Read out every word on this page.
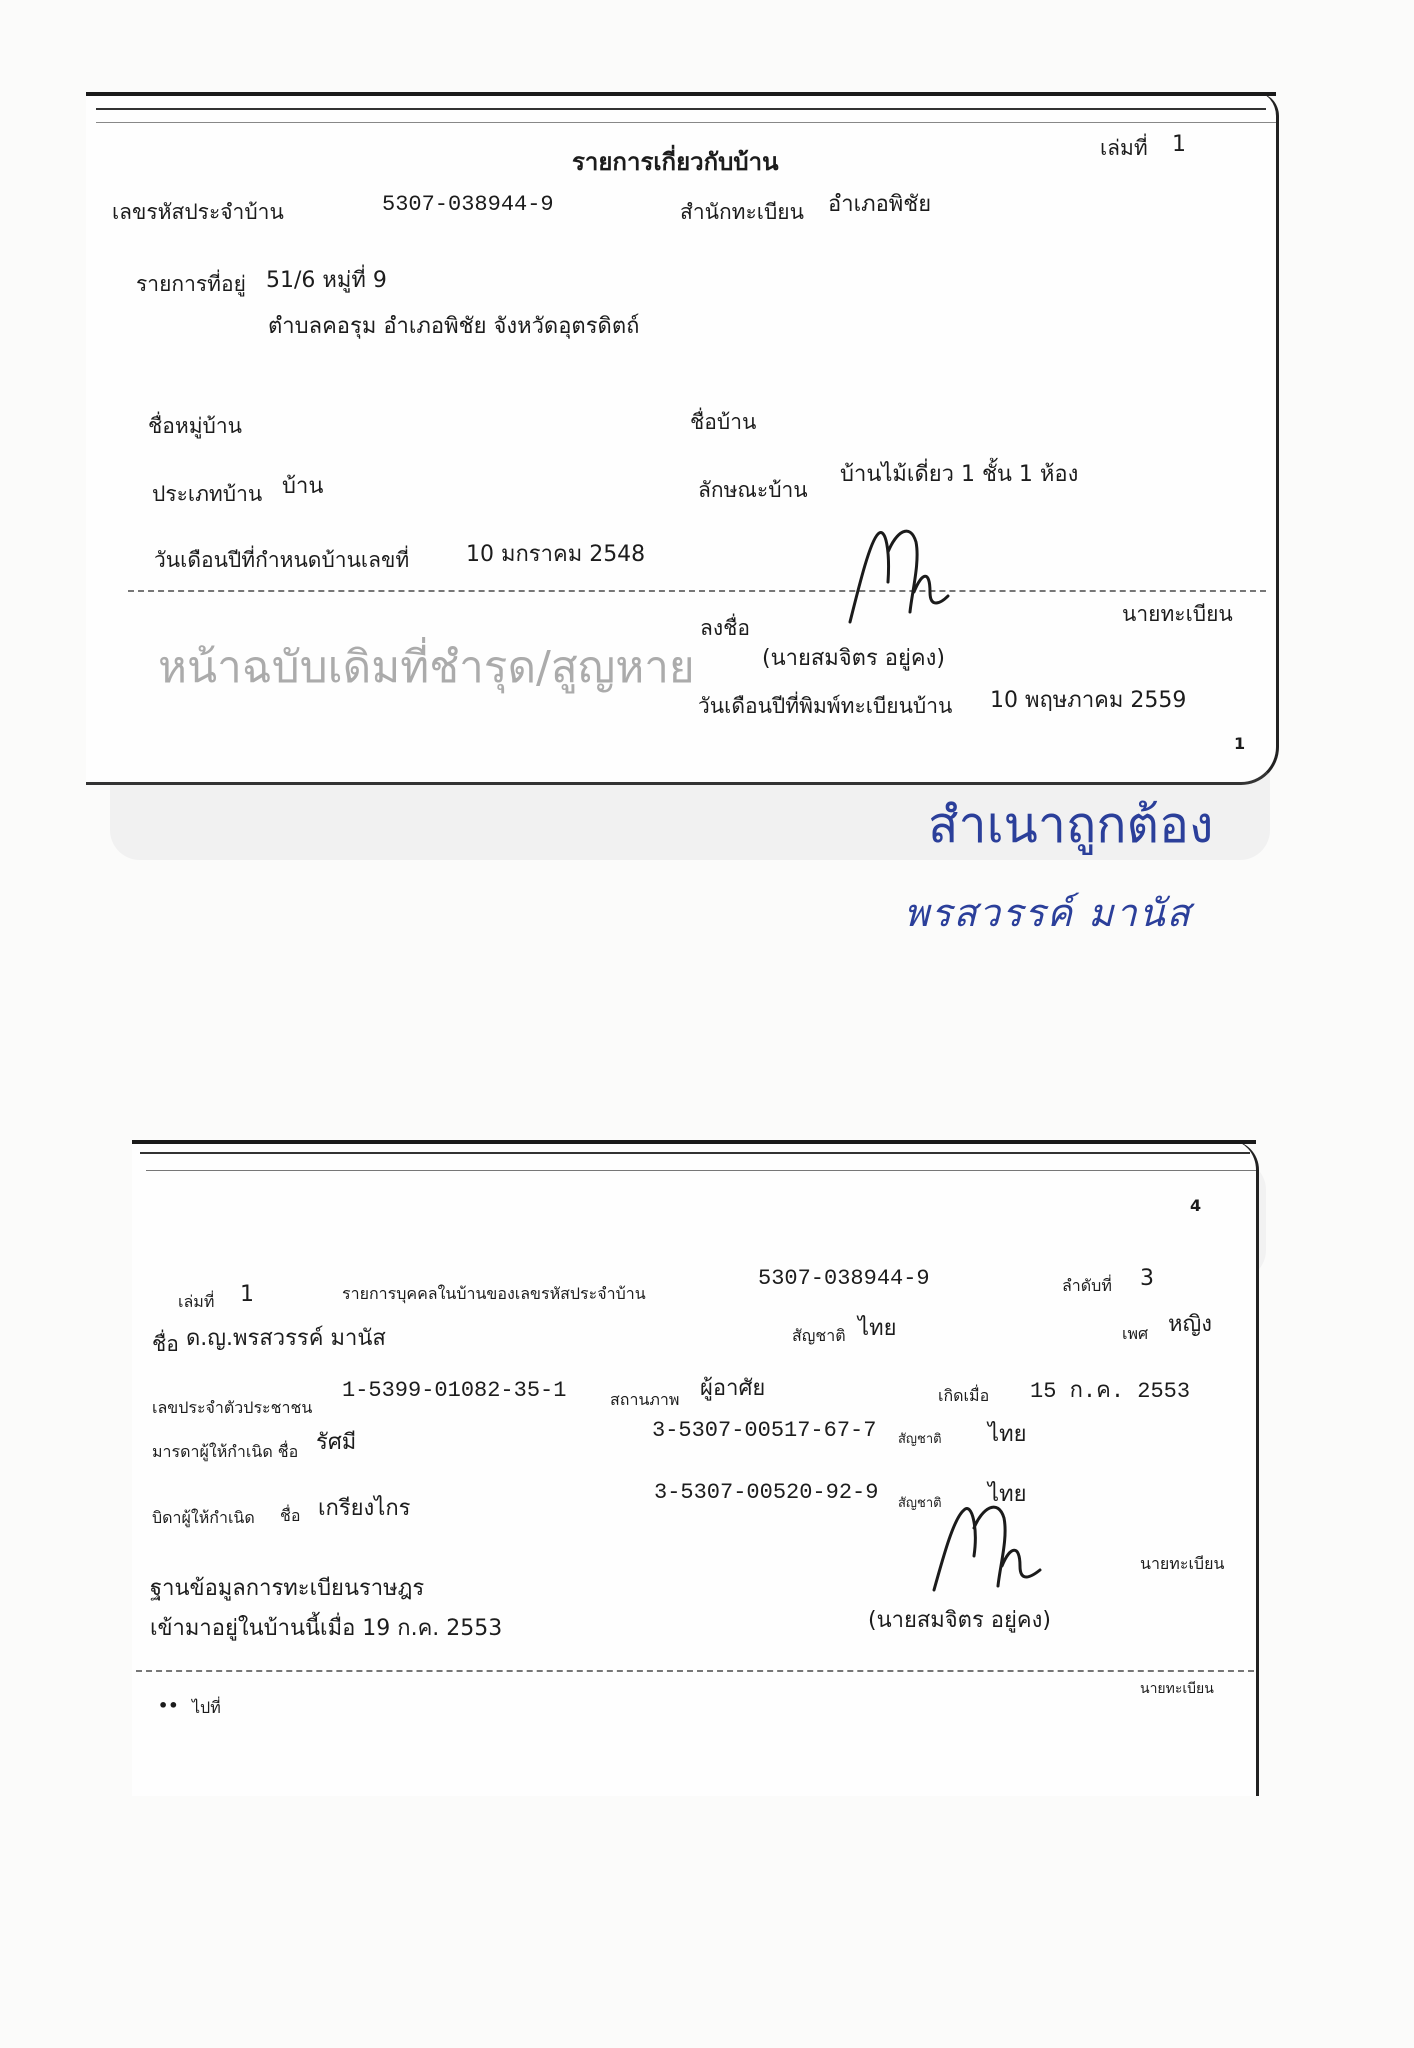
รายการเกี่ยวกับบ้าน	เล่มที่ 1
เลขรหัสประจำบ้าน	5307-038944-9	สำนักทะเบียน อำเภอพิชัย
รายการที่อยู่ 51/6 หมู่ที่ 9
ตำบลคอรุม อำเภอพิชัย จังหวัดอุตรดิตถ์
ชื่อหมู่บ้าน	ชื่อบ้าน
ประเภทบ้าน บ้าน	ลักษณะบ้าน
บ้านไม้เดี่ยว 1 ชั้น 1 ห้อง
วันเดือนปีที่กำหนดบ้านเลขที่	10 มกราคม 2548
ลงชื่อ
นายทะเบียน
หน้าฉบับเดิมที่ชำรุด/สูญหาย	(นายสมจิตร อยู่คง)
วันเดือนปีที่พิมพ์ทะเบียนบ้าน 10 พฤษภาคม 2559
1
สำเนาถูกต้อง
พรสวรรค์ มานัส
4
เล่มที่ 1	รายการบุคคลในบ้านของเลขรหัสประจำบ้าน
5307-038944-9	ลำดับที่ 3
ชื่อ ด.ญ.พรสวรรค์ มานัส	สัญชาติ ไทย	เพศ หญิง
เลขประจำตัวประชาชน
1-5399-01082-35-1	สถานภาพ ผู้อาศัย	เกิดเมื่อ 15 ก.ค. 2553
มารดาผู้ให้กำเนิด ชื่อ รัศมี	3-5307-00517-67-7 สัญชาติ ไทย
บิดาผู้ให้กำเนิด ชื่อ เกรียงไกร
3-5307-00520-92-9 สัญชาติ ไทย
นายทะเบียน
ฐานข้อมูลการทะเบียนราษฎร
เข้ามาอยู่ในบ้านนี้เมื่อ 19 ก.ค. 2553	(นายสมจิตร อยู่คง)
•• ไปที่
นายทะเบียน
